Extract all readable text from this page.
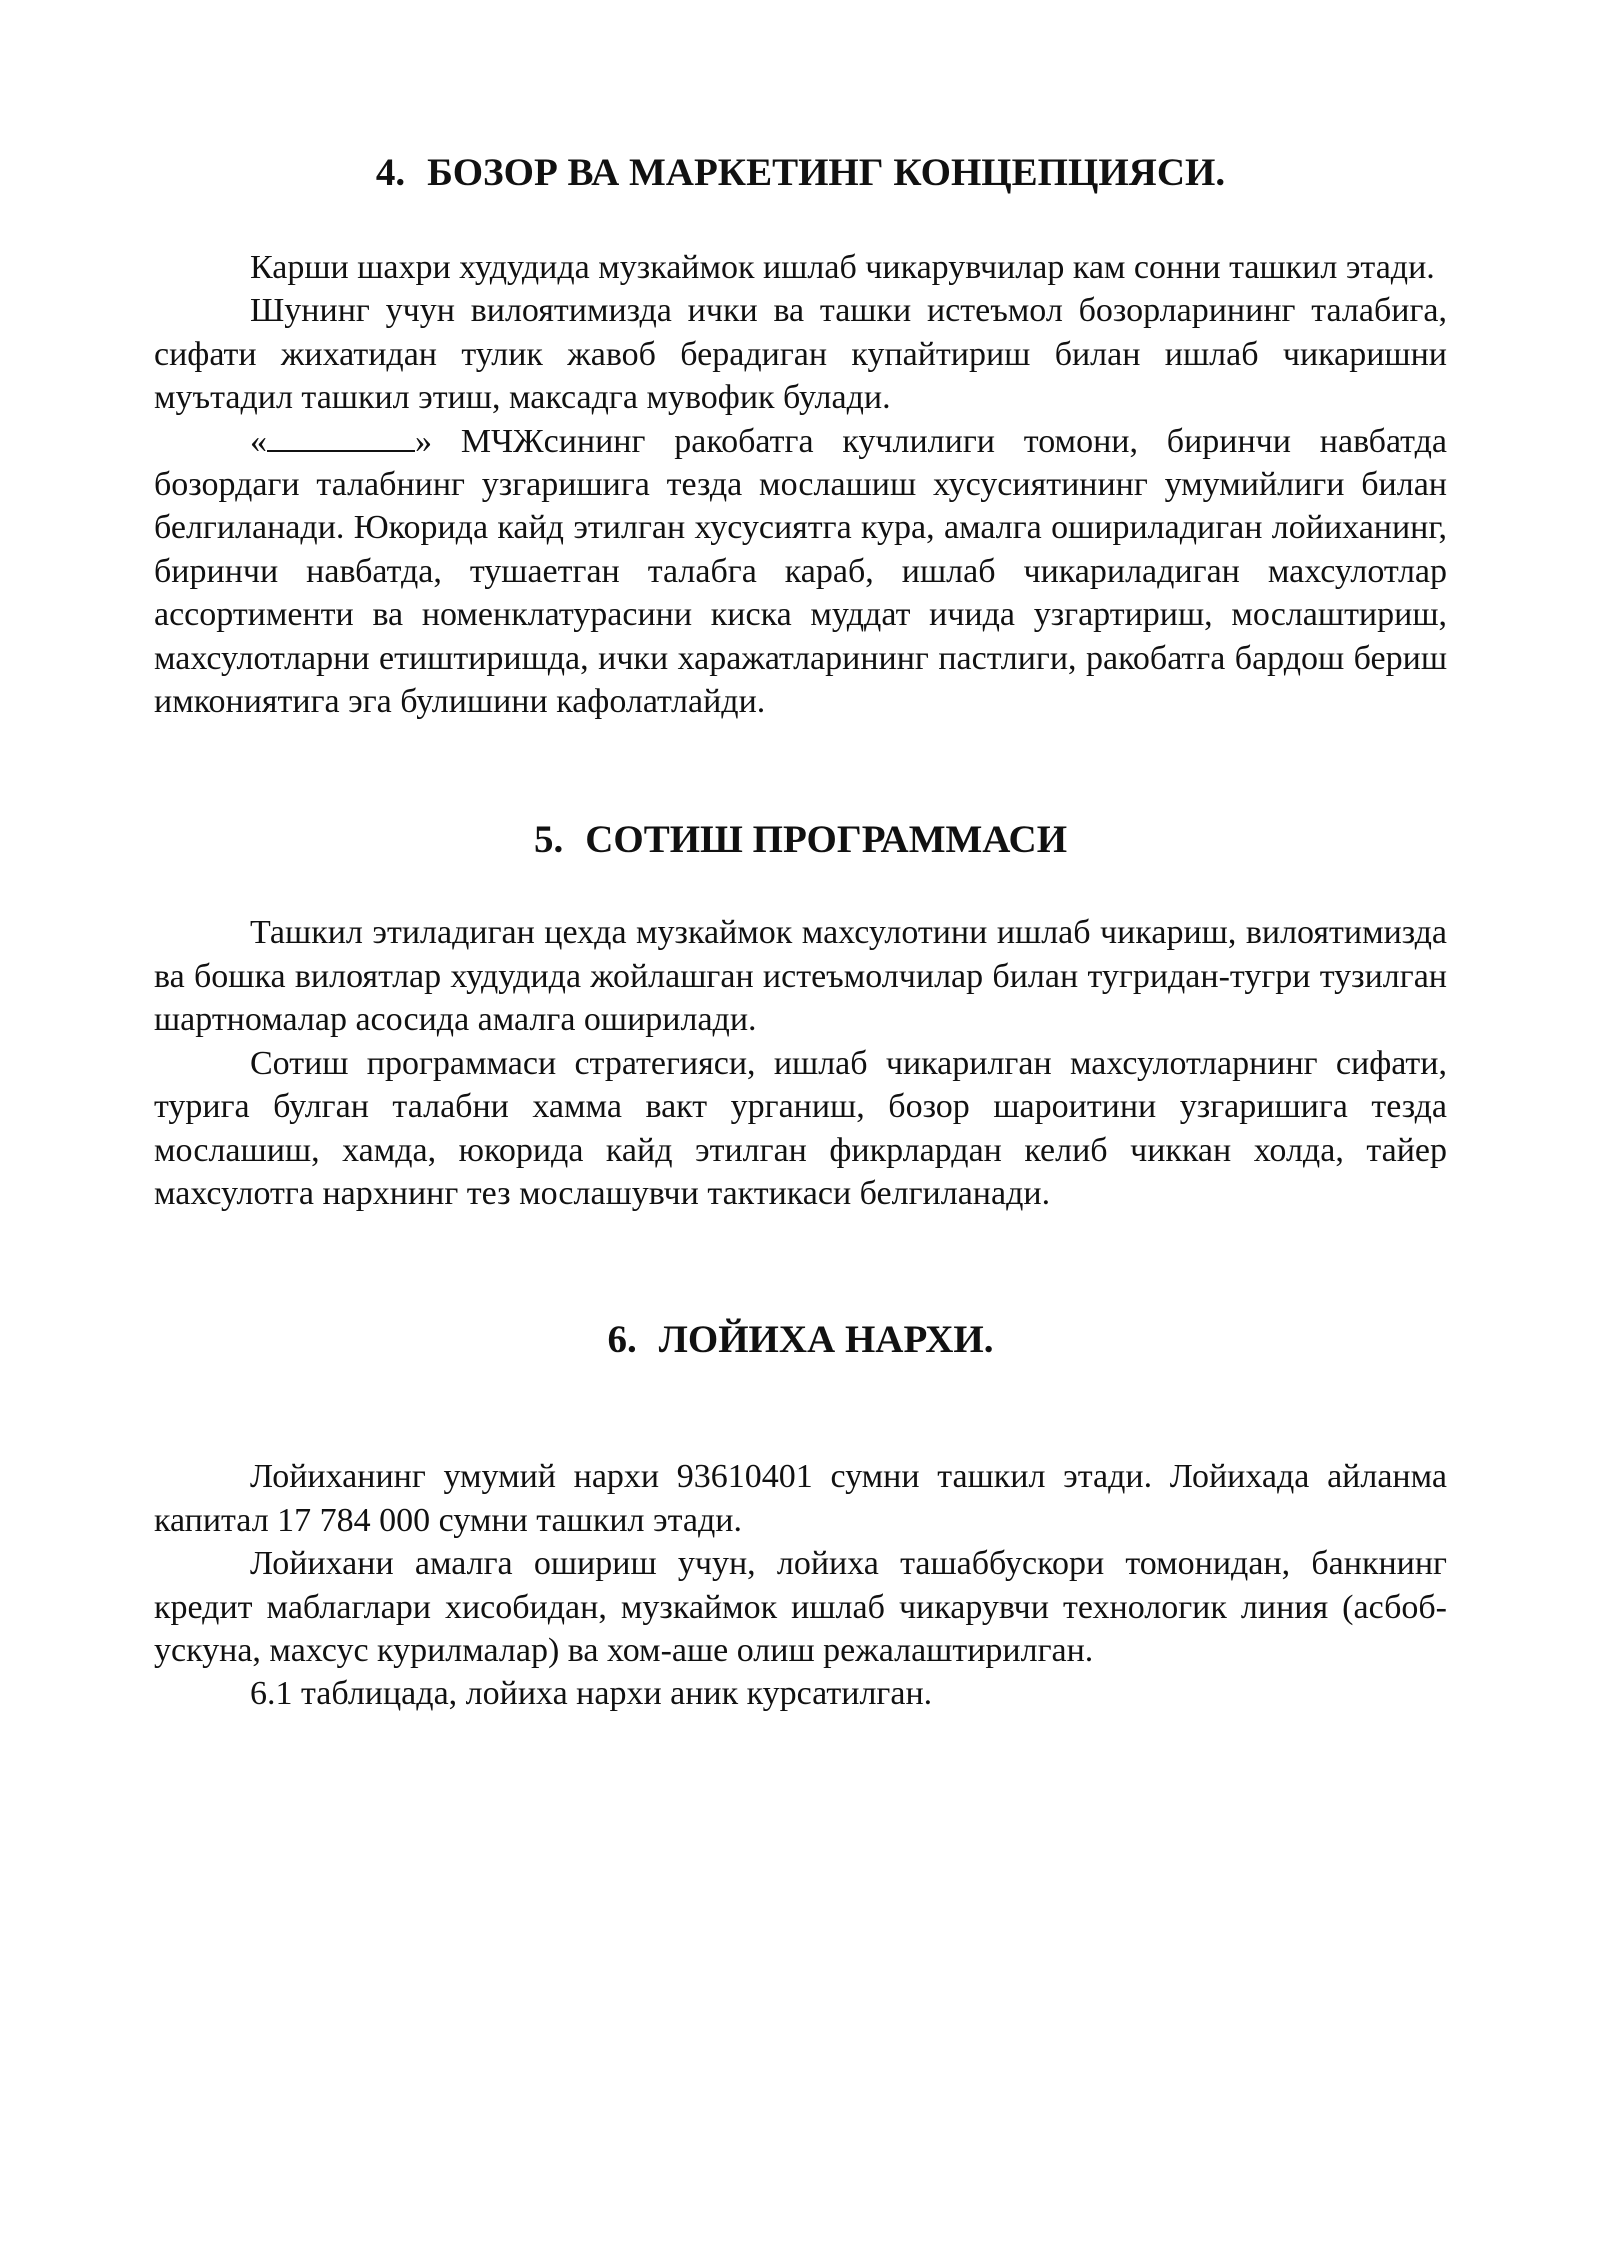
4. БОЗОР ВА МАРКЕТИНГ КОНЦЕПЦИЯСИ.

Карши шахри худудида музкаймок ишлаб чикарувчилар кам сонни ташкил этади.

Шунинг учун вилоятимизда ички ва ташки истеъмол бозорларининг талабига, сифати жихатидан тулик жавоб берадиган купайтириш билан ишлаб чикаришни муътадил ташкил этиш, максадга мувофик булади.

«	» МЧЖсининг ракобатга кучлилиги томони, биринчи навбатда бозордаги талабнинг узгаришига тезда мослашиш хусусиятининг умумийлиги билан белгиланади. Юкорида кайд этилган хусусиятга кура, амалга ошириладиган лойиханинг, биринчи навбатда, тушаетган талабга караб, ишлаб чикариладиган махсулотлар ассортименти ва номенклатурасини киска муддат ичида узгартириш, мослаштириш, махсулотларни етиштиришда, ички харажатларининг пастлиги, ракобатга бардош бериш имкониятига эга булишини кафолатлайди.

5. СОТИШ ПРОГРАММАСИ

Ташкил этиладиган цехда музкаймок махсулотини ишлаб чикариш, вилоятимизда ва бошка вилоятлар худудида жойлашган истеъмолчилар билан тугридан-тугри тузилган шартномалар асосида амалга оширилади.

Сотиш программаси стратегияси, ишлаб чикарилган махсулотларнинг сифати, турига булган талабни хамма вакт урганиш, бозор шароитини узгаришига тезда мослашиш, хамда, юкорида кайд этилган фикрлардан келиб чиккан холда, тайер махсулотга нархнинг тез мослашувчи тактикаси белгиланади.

6. ЛОЙИХА НАРХИ.

Лойиханинг умумий нархи 93610401 сумни ташкил этади. Лойихада айланма капитал 17 784 000 сумни ташкил этади.

Лойихани амалга ошириш учун, лойиха ташаббускори томонидан, банкнинг кредит маблаглари хисобидан, музкаймок ишлаб чикарувчи технологик линия (асбоб-ускуна, махсус курилмалар) ва хом-аше олиш режалаштирилган.

6.1 таблицада, лойиха нархи аник курсатилган.
